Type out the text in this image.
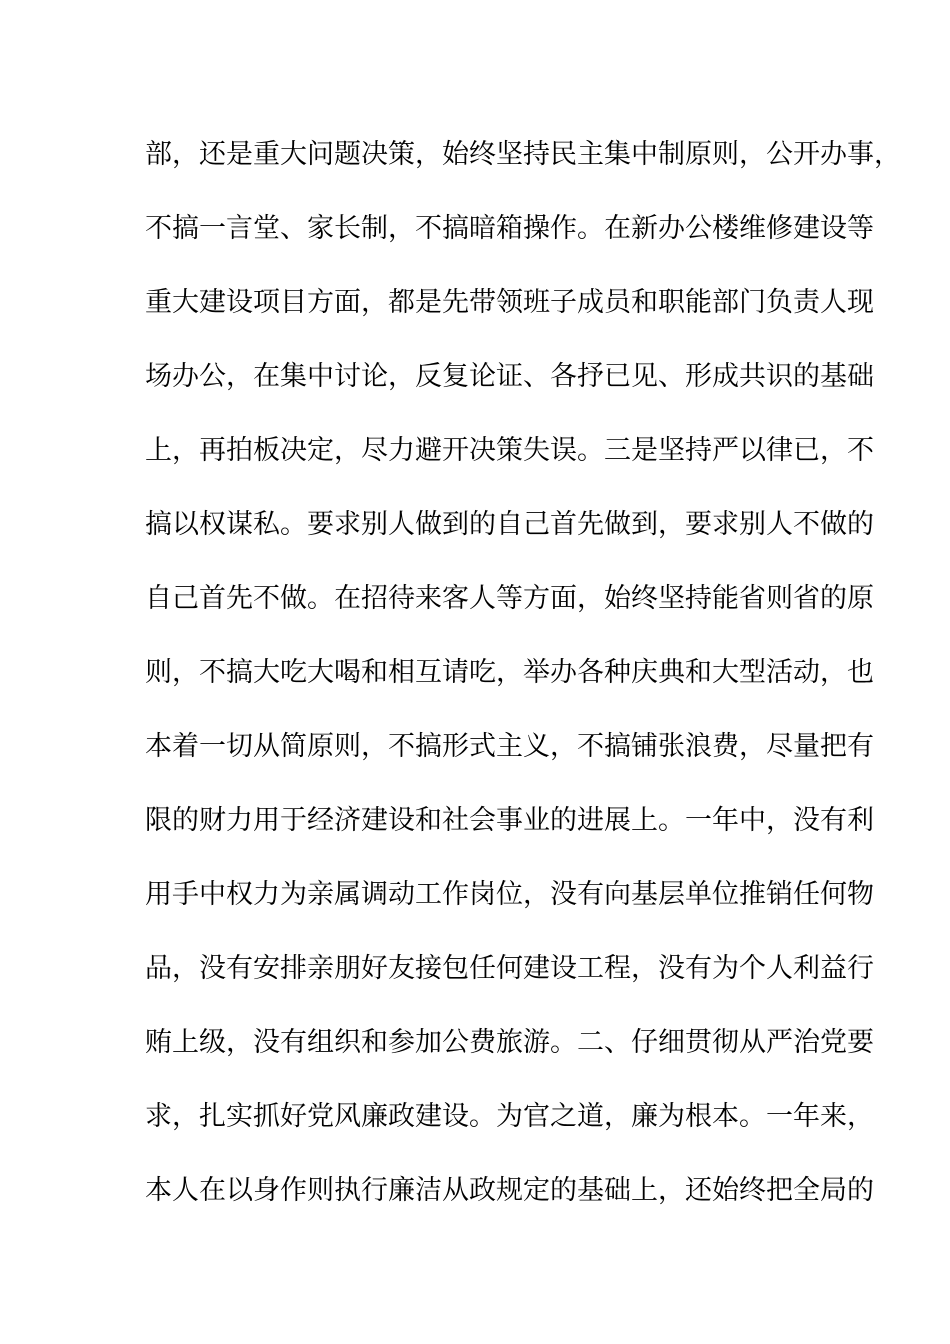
部，还是重大问题决策，始终坚持民主集中制原则，公开办事，
不搞一言堂、家长制，不搞暗箱操作。在新办公楼维修建设等
重大建设项目方面，都是先带领班子成员和职能部门负责人现
场办公，在集中讨论，反复论证、各抒已见、形成共识的基础
上，再拍板决定，尽力避开决策失误。三是坚持严以律已，不
搞以权谋私。要求别人做到的自己首先做到，要求别人不做的
自己首先不做。在招待来客人等方面，始终坚持能省则省的原
则，不搞大吃大喝和相互请吃，举办各种庆典和大型活动，也
本着一切从简原则，不搞形式主义，不搞铺张浪费，尽量把有
限的财力用于经济建设和社会事业的进展上。一年中，没有利
用手中权力为亲属调动工作岗位，没有向基层单位推销任何物
品，没有安排亲朋好友接包任何建设工程，没有为个人利益行
贿上级，没有组织和参加公费旅游。二、仔细贯彻从严治党要
求，扎实抓好党风廉政建设。为官之道，廉为根本。一年来，
本人在以身作则执行廉洁从政规定的基础上，还始终把全局的
